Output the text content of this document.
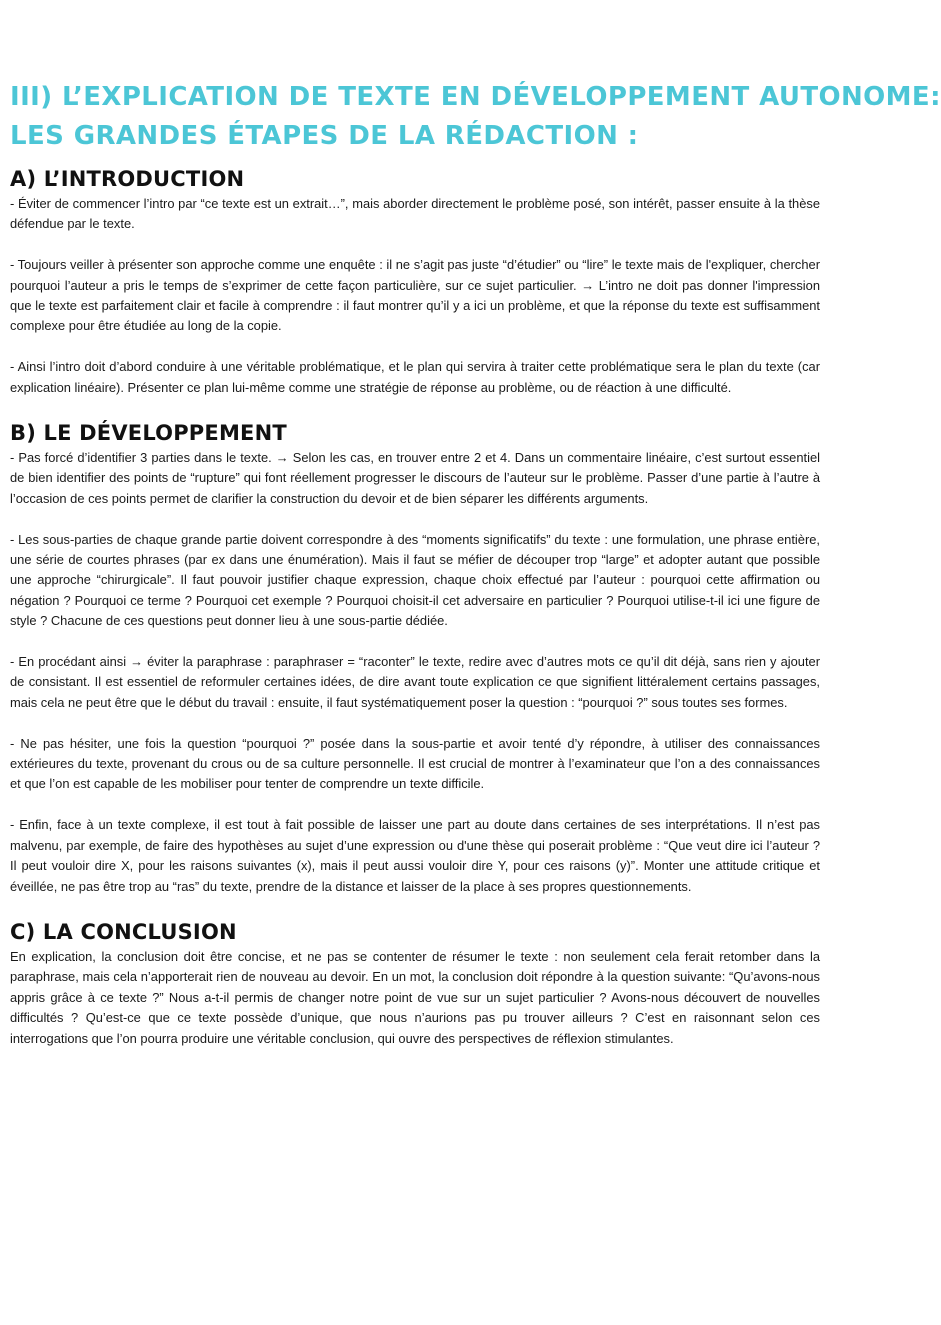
III) L’EXPLICATION DE TEXTE EN DÉVELOPPEMENT AUTONOME:
LES GRANDES ÉTAPES DE LA RÉDACTION :
A) L’INTRODUCTION

- Éviter de commencer l’intro par “ce texte est un extrait…”, mais aborder directement le problème posé, son intérêt, passer ensuite à la thèse défendue par le texte.

- Toujours veiller à présenter son approche comme une enquête : il ne s’agit pas juste “d’étudier” ou “lire” le texte mais de l'expliquer, chercher pourquoi l’auteur a pris le temps de s’exprimer de cette façon particulière, sur ce sujet particulier. → L’intro ne doit pas donner l'impression que le texte est parfaitement clair et facile à comprendre : il faut montrer qu’il y a ici un problème, et que la réponse du texte est suffisamment complexe pour être étudiée au long de la copie.

- Ainsi l’intro doit d’abord conduire à une véritable problématique, et le plan qui servira à traiter cette problématique sera le plan du texte (car explication linéaire). Présenter ce plan lui-même comme une stratégie de réponse au problème, ou de réaction à une difficulté.

B) LE DÉVELOPPEMENT

- Pas forcé d’identifier 3 parties dans le texte. → Selon les cas, en trouver entre 2 et 4. Dans un commentaire linéaire, c’est surtout essentiel de bien identifier des points de “rupture” qui font réellement progresser le discours de l’auteur sur le problème. Passer d’une partie à l’autre à l’occasion de ces points permet de clarifier la construction du devoir et de bien séparer les différents arguments.

- Les sous-parties de chaque grande partie doivent correspondre à des “moments significatifs” du texte : une formulation, une phrase entière, une série de courtes phrases (par ex dans une énumération). Mais il faut se méfier de découper trop “large” et adopter autant que possible une approche “chirurgicale”. Il faut pouvoir justifier chaque expression, chaque choix effectué par l’auteur : pourquoi cette affirmation ou négation ? Pourquoi ce terme ? Pourquoi cet exemple ? Pourquoi choisit-il cet adversaire en particulier ? Pourquoi utilise-t-il ici une figure de style ? Chacune de ces questions peut donner lieu à une sous-partie dédiée.

- En procédant ainsi → éviter la paraphrase : paraphraser = “raconter” le texte, redire avec d’autres mots ce qu’il dit déjà, sans rien y ajouter de consistant. Il est essentiel de reformuler certaines idées, de dire avant toute explication ce que signifient littéralement certains passages, mais cela ne peut être que le début du travail : ensuite, il faut systématiquement poser la question : “pourquoi ?” sous toutes ses formes.

- Ne pas hésiter, une fois la question “pourquoi ?” posée dans la sous-partie et avoir tenté d’y répondre, à utiliser des connaissances extérieures du texte, provenant du crous ou de sa culture personnelle. Il est crucial de montrer à l’examinateur que l’on a des connaissances et que l’on est capable de les mobiliser pour tenter de comprendre un texte difficile.

- Enfin, face à un texte complexe, il est tout à fait possible de laisser une part au doute dans certaines de ses interprétations. Il n’est pas malvenu, par exemple, de faire des hypothèses au sujet d’une expression ou d'une thèse qui poserait problème : “Que veut dire ici l’auteur ? Il peut vouloir dire X, pour les raisons suivantes (x), mais il peut aussi vouloir dire Y, pour ces raisons (y)”. Monter une attitude critique et éveillée, ne pas être trop au “ras” du texte, prendre de la distance et laisser de la place à ses propres questionnements.

C) LA CONCLUSION

En explication, la conclusion doit être concise, et ne pas se contenter de résumer le texte : non seulement cela ferait retomber dans la paraphrase, mais cela n’apporterait rien de nouveau au devoir. En un mot, la conclusion doit répondre à la question suivante: “Qu’avons-nous appris grâce à ce texte ?” Nous a-t-il permis de changer notre point de vue sur un sujet particulier ? Avons-nous découvert de nouvelles difficultés ? Qu’est-ce que ce texte possède d’unique, que nous n’aurions pas pu trouver ailleurs ? C’est en raisonnant selon ces interrogations que l’on pourra produire une véritable conclusion, qui ouvre des perspectives de réflexion stimulantes.
